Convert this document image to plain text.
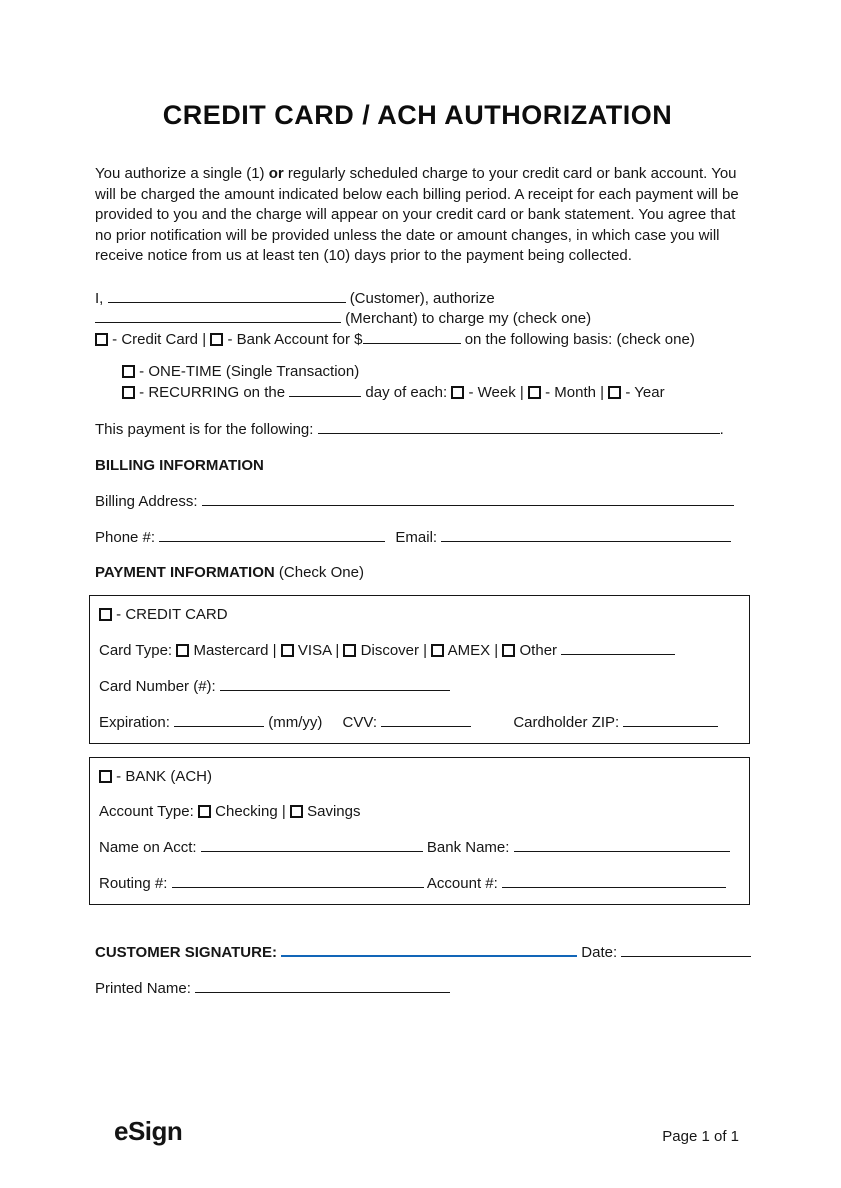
CREDIT CARD / ACH AUTHORIZATION
You authorize a single (1) or regularly scheduled charge to your credit card or bank account. You will be charged the amount indicated below each billing period. A receipt for each payment will be provided to you and the charge will appear on your credit card or bank statement. You agree that no prior notification will be provided unless the date or amount changes, in which case you will receive notice from us at least ten (10) days prior to the payment being collected.
I,	(Customer), authorize
(Merchant) to charge my (check one)
- Credit Card | - Bank Account for $	on the following basis: (check one)
- ONE-TIME (Single Transaction)
- RECURRING on the	day of each: - Week | - Month | - Year
This payment is for the following:	.
BILLING INFORMATION
Billing Address:
Phone #:	Email:
PAYMENT INFORMATION (Check One)
- CREDIT CARD
Card Type: Mastercard | VISA | Discover | AMEX | Other
Card Number (#):
Expiration:	(mm/yy) CVV:	Cardholder ZIP:
- BANK (ACH)
Account Type: Checking | Savings
Name on Acct:	Bank Name:
Routing #:	Account #:
CUSTOMER SIGNATURE:	Date:
Printed Name:
eSign	Page 1 of 1
